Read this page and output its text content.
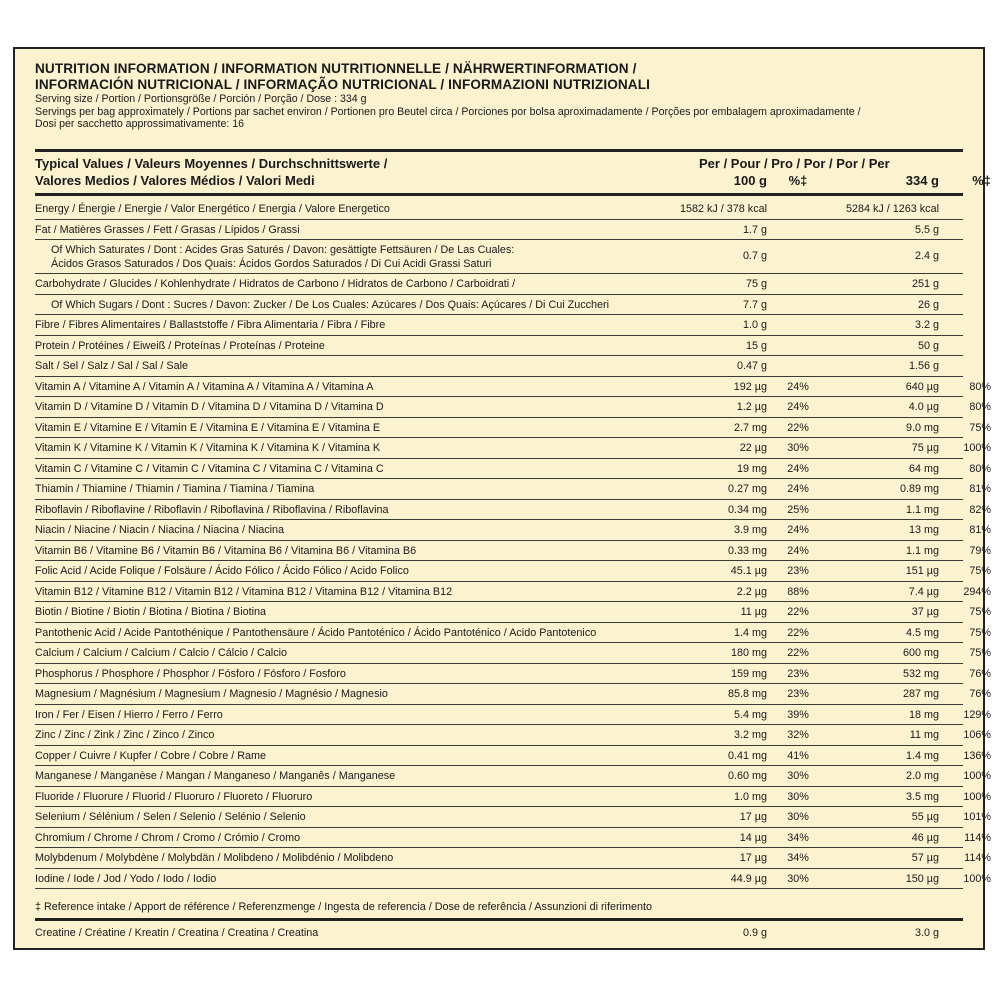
NUTRITION INFORMATION / INFORMATION NUTRITIONNELLE / NÄHRWERTINFORMATION /

INFORMACIÓN NUTRICIONAL / INFORMAÇÃO NUTRICIONAL / INFORMAZIONI NUTRIZIONALI

Serving size / Portion / Portionsgröße / Porción / Porção / Dose : 334 g

Servings per bag approximately / Portions par sachet environ / Portionen pro Beutel circa / Porciones por bolsa aproximadamente / Porções por embalagem aproximadamente /

Dosi per sacchetto approssimativamente: 16

Typical Values / Valeurs Moyennes / Durchschnittswerte /
Valores Medios / Valores Médios / Valori Medi
Per / Pour / Pro / Por / Por / Per
100 g	%‡	334 g	%‡
Energy / Énergie / Energie / Valor Energético / Energia / Valore Energetico	1582 kJ / 378 kcal	5284 kJ / 1263 kcal
Fat / Matières Grasses / Fett / Grasas / Lípidos / Grassi	1.7 g	5.5 g
Of Which Saturates / Dont : Acides Gras Saturés / Davon: gesättigte Fettsäuren / De Las Cuales:
Ácidos Grasos Saturados / Dos Quais: Ácidos Gordos Saturados / Di Cui Acidi Grassi Saturi
0.7 g	2.4 g
Carbohydrate / Glucides / Kohlenhydrate / Hidratos de Carbono / Hidratos de Carbono / Carboidrati /	75 g	251 g
Of Which Sugars / Dont : Sucres / Davon: Zucker / De Los Cuales: Azúcares / Dos Quais: Açúcares / Di Cui Zuccheri	7.7 g	26 g
Fibre / Fibres Alimentaires / Ballaststoffe / Fibra Alimentaria / Fibra / Fibre	1.0 g	3.2 g
Protein / Protéines / Eiweiß / Proteínas / Proteínas / Proteine	15 g	50 g
Salt / Sel / Salz / Sal / Sal / Sale	0.47 g	1.56 g
Vitamin A / Vitamine A / Vitamin A / Vitamina A / Vitamina A / Vitamina A	192 µg	24%	640 µg	80%
Vitamin D / Vitamine D / Vitamin D / Vitamina D / Vitamina D / Vitamina D	1.2 µg	24%	4.0 µg	80%
Vitamin E / Vitamine E / Vitamin E / Vitamina E / Vitamina E / Vitamina E	2.7 mg	22%	9.0 mg	75%
Vitamin K / Vitamine K / Vitamin K / Vitamina K / Vitamina K / Vitamina K	22 µg	30%	75 µg	100%
Vitamin C / Vitamine C / Vitamin C / Vitamina C / Vitamina C / Vitamina C	19 mg	24%	64 mg	80%
Thiamin / Thiamine / Thiamin / Tiamina / Tiamina / Tiamina	0.27 mg	24%	0.89 mg	81%
Riboflavin / Riboflavine / Riboflavin / Riboflavina / Riboflavina / Riboflavina	0.34 mg	25%	1.1 mg	82%
Niacin / Niacine / Niacin / Niacina / Niacina / Niacina	3.9 mg	24%	13 mg	81%
Vitamin B6 / Vitamine B6 / Vitamin B6 / Vitamina B6 / Vitamina B6 / Vitamina B6	0.33 mg	24%	1.1 mg	79%
Folic Acid / Acide Folique / Folsäure / Ácido Fólico / Ácido Fólico / Acido Folico	45.1 µg	23%	151 µg	75%
Vitamin B12 / Vitamine B12 / Vitamin B12 / Vitamina B12 / Vitamina B12 / Vitamina B12	2.2 µg	88%	7.4 µg	294%
Biotin / Biotine / Biotin / Biotina / Biotina / Biotina	11 µg	22%	37 µg	75%
Pantothenic Acid / Acide Pantothénique / Pantothensäure / Ácido Pantoténico / Ácido Pantoténico / Acido Pantotenico	1.4 mg	22%	4.5 mg	75%
Calcium / Calcium / Calcium / Calcio / Cálcio / Calcio	180 mg	22%	600 mg	75%
Phosphorus / Phosphore / Phosphor / Fósforo / Fósforo / Fosforo	159 mg	23%	532 mg	76%
Magnesium / Magnésium / Magnesium / Magnesio / Magnésio / Magnesio	85.8 mg	23%	287 mg	76%
Iron / Fer / Eisen / Hierro / Ferro / Ferro	5.4 mg	39%	18 mg	129%
Zinc / Zinc / Zink / Zinc / Zinco / Zinco	3.2 mg	32%	11 mg	106%
Copper / Cuivre / Kupfer / Cobre / Cobre / Rame	0.41 mg	41%	1.4 mg	136%
Manganese / Manganèse / Mangan / Manganeso / Manganês / Manganese	0.60 mg	30%	2.0 mg	100%
Fluoride / Fluorure / Fluorid / Fluoruro / Fluoreto / Fluoruro	1.0 mg	30%	3.5 mg	100%
Selenium / Sélénium / Selen / Selenio / Selénio / Selenio	17 µg	30%	55 µg	101%
Chromium / Chrome / Chrom / Cromo / Crómio / Cromo	14 µg	34%	46 µg	114%
Molybdenum / Molybdène / Molybdän / Molibdeno / Molibdénio / Molibdeno	17 µg	34%	57 µg	114%
Iodine / Iode / Jod / Yodo / Iodo / Iodio	44.9 µg	30%	150 µg	100%
‡ Reference intake / Apport de référence / Referenzmenge / Ingesta de referencia / Dose de referência / Assunzioni di riferimento
Creatine / Créatine / Kreatin / Creatina / Creatina / Creatina	0.9 g	3.0 g
